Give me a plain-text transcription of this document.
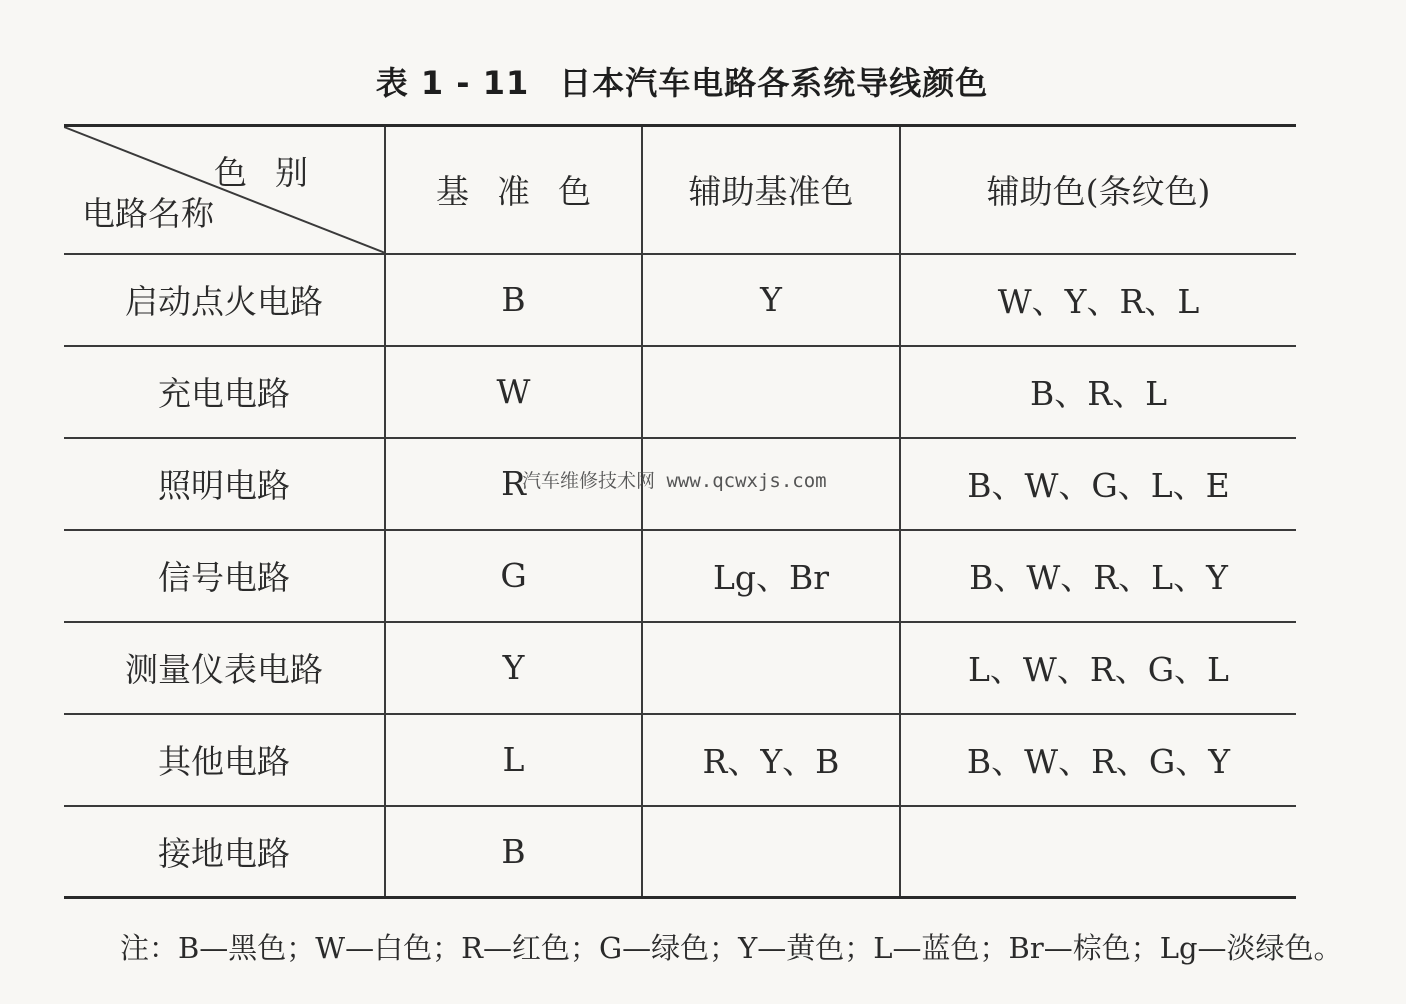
表 1 - 11 日本汽车电路各系统导线颜色
色别
电路名称	基准色	辅助基准色	辅助色(条纹色)
启动点火电路	B	Y	W、Y、R、L
充电电路	W		B、R、L
照明电路	R		B、W、G、L、E
信号电路	G	Lg、Br	B、W、R、L、Y
测量仪表电路	Y		L、W、R、G、L
其他电路	L	R、Y、B	B、W、R、G、Y
接地电路	B		
汽车维修技术网 www.qcwxjs.com
注：B—黑色；W—白色；R—红色；G—绿色；Y—黄色；L—蓝色；Br—棕色；Lg—淡绿色。
